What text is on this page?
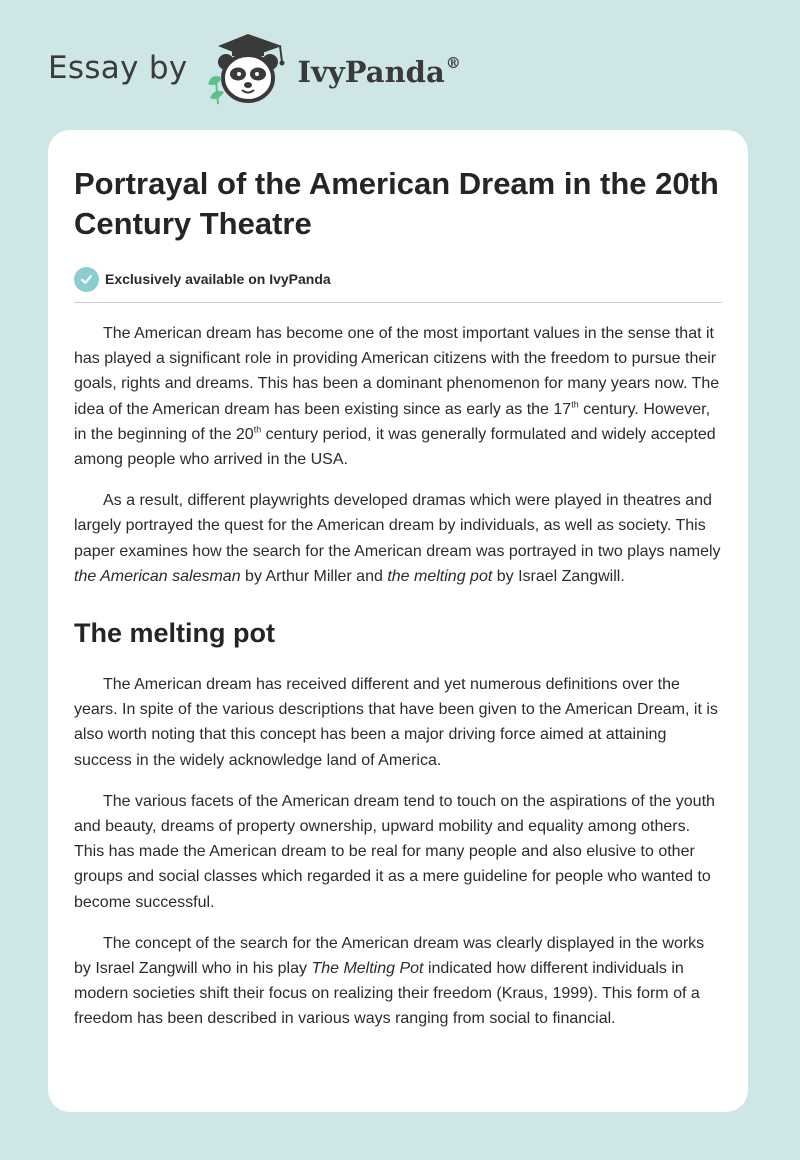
Essay by	IvyPanda®
Portrayal of the American Dream in the 20th Century Theatre
Exclusively available on IvyPanda

The American dream has become one of the most important values in the sense that it has played a significant role in providing American citizens with the freedom to pursue their goals, rights and dreams. This has been a dominant phenomenon for many years now. The idea of the American dream has been existing since as early as the 17th century. However, in the beginning of the 20th century period, it was generally formulated and widely accepted among people who arrived in the USA.

As a result, different playwrights developed dramas which were played in theatres and largely portrayed the quest for the American dream by individuals, as well as society. This paper examines how the search for the American dream was portrayed in two plays namely the American salesman by Arthur Miller and the melting pot by Israel Zangwill.

The melting pot

The American dream has received different and yet numerous definitions over the years. In spite of the various descriptions that have been given to the American Dream, it is also worth noting that this concept has been a major driving force aimed at attaining success in the widely acknowledge land of America.

The various facets of the American dream tend to touch on the aspirations of the youth and beauty, dreams of property ownership, upward mobility and equality among others. This has made the American dream to be real for many people and also elusive to other groups and social classes which regarded it as a mere guideline for people who wanted to become successful.

The concept of the search for the American dream was clearly displayed in the works by Israel Zangwill who in his play The Melting Pot indicated how different individuals in modern societies shift their focus on realizing their freedom (Kraus, 1999). This form of a freedom has been described in various ways ranging from social to financial.
